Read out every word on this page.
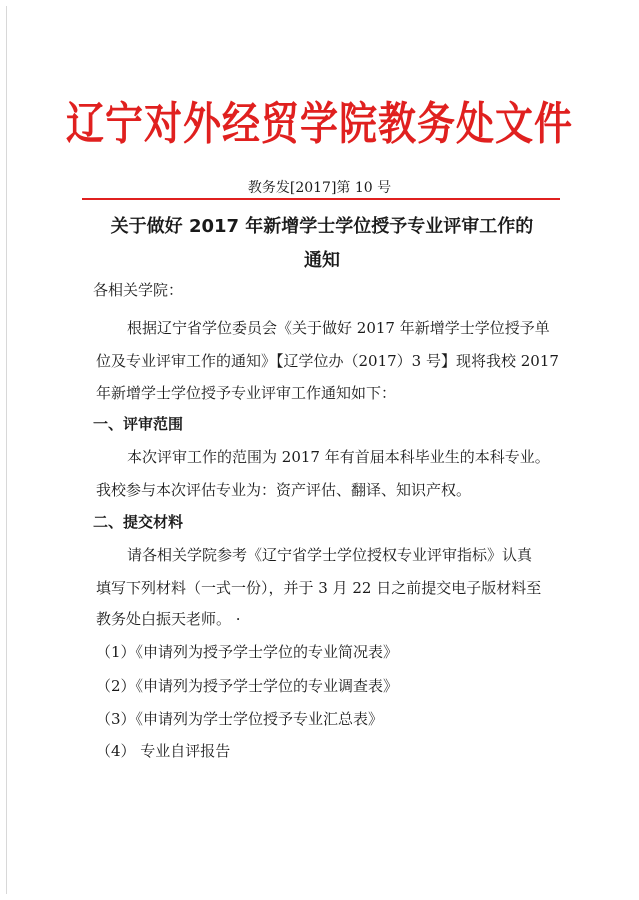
辽宁对外经贸学院教务处文件
教务发[2017]第 10 号
关于做好 2017 年新增学士学位授予专业评审工作的
通知
各相关学院：
根据辽宁省学位委员会《关于做好 2017 年新增学士学位授予单
位及专业评审工作的通知》【辽学位办（2017）3 号】现将我校 2017
年新增学士学位授予专业评审工作通知如下：
一、评审范围
本次评审工作的范围为 2017 年有首届本科毕业生的本科专业。
我校参与本次评估专业为：资产评估、翻译、知识产权。
二、提交材料
请各相关学院参考《辽宁省学士学位授权专业评审指标》认真
填写下列材料（一式一份），并于 3 月 22 日之前提交电子版材料至
教务处白振天老师。 ·
（1）《申请列为授予学士学位的专业简况表》
（2）《申请列为授予学士学位的专业调查表》
（3）《申请列为学士学位授予专业汇总表》
（4） 专业自评报告
